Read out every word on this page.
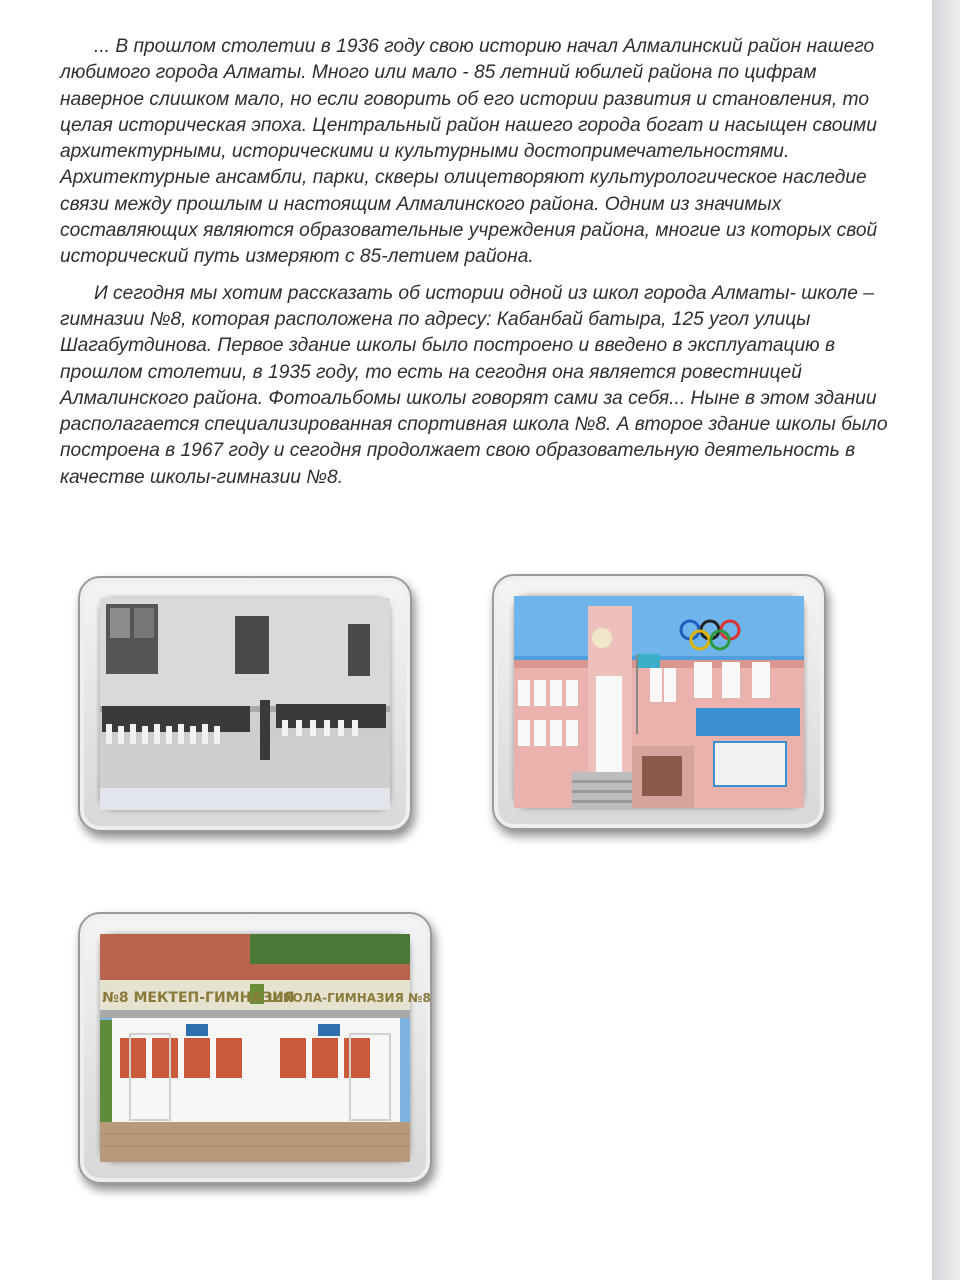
... В прошлом столетии в 1936 году свою историю начал Алмалинский район нашего любимого города Алматы. Много или мало - 85 летний юбилей района по цифрам наверное слишком мало, но если говорить об его истории развития и становления, то целая историческая эпоха. Центральный район нашего города богат и насыщен своими архитектурными, историческими и культурными достопримечательностями. Архитектурные ансамбли, парки, скверы олицетворяют культурологическое наследие связи между прошлым и настоящим Алмалинского района. Одним из значимых составляющих являются образовательные учреждения района, многие из которых свой исторический путь измеряют с 85-летием района.

И сегодня мы хотим рассказать об истории одной из школ города Алматы- школе –гимназии №8, которая расположена по адресу: Кабанбай батыра, 125 угол улицы Шагабутдинова. Первое здание школы было построено и введено в эксплуатацию в прошлом столетии, в 1935 году, то есть на сегодня она является ровестницей Алмалинского района. Фотоальбомы школы говорят сами за себя... Ныне в этом здании располагается специализированная спортивная школа №8. А второе здание школы было построена в 1967 году и сегодня продолжает свою образовательную деятельность в качестве школы-гимназии №8.

№8 МЕКТЕП-ГИМНАЗИЯ
ШКОЛА-ГИМНАЗИЯ №8
